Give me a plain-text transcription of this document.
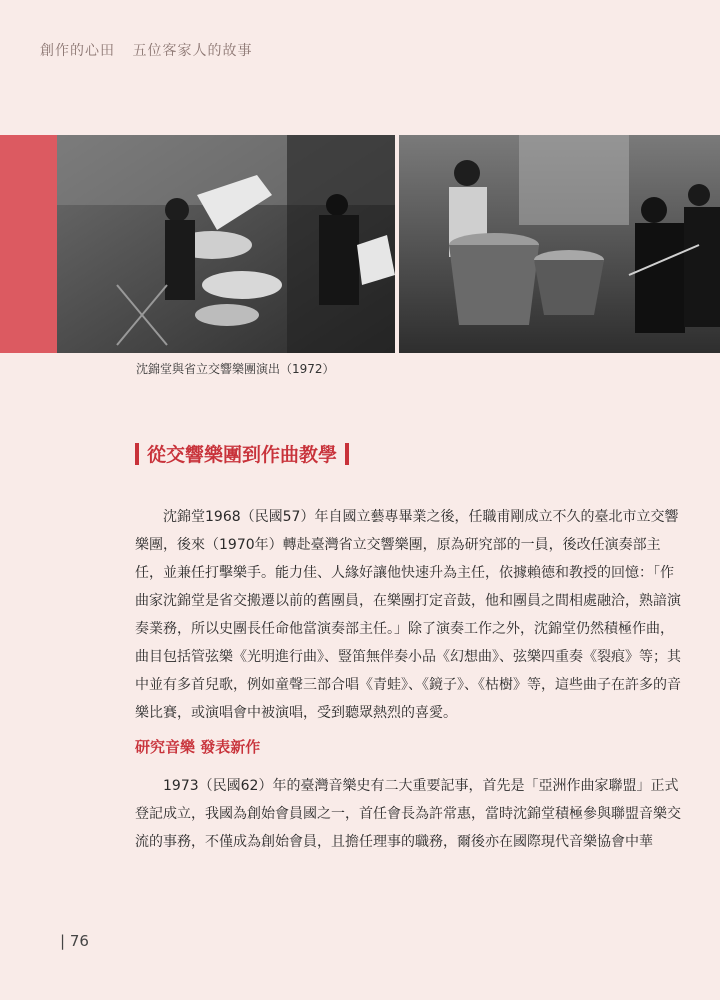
創作的心田 五位客家人的故事
沈錦堂與省立交響樂團演出（1972）
從交響樂團到作曲教學

沈錦堂1968（民國57）年自國立藝專畢業之後，任職甫剛成立不久的臺北市立交響樂團，後來（1970年）轉赴臺灣省立交響樂團，原為研究部的一員，後改任演奏部主任，並兼任打擊樂手。能力佳、人緣好讓他快速升為主任，依據賴德和教授的回憶：「作曲家沈錦堂是省交搬遷以前的舊團員，在樂團打定音鼓，他和團員之間相處融洽，熟諳演奏業務，所以史團長任命他當演奏部主任。」除了演奏工作之外，沈錦堂仍然積極作曲，曲目包括管弦樂《光明進行曲》、豎笛無伴奏小品《幻想曲》、弦樂四重奏《裂痕》等；其中並有多首兒歌，例如童聲三部合唱《青蛙》、《鏡子》、《枯樹》等，這些曲子在許多的音樂比賽，或演唱會中被演唱，受到聽眾熱烈的喜愛。

研究音樂 發表新作

1973（民國62）年的臺灣音樂史有二大重要記事，首先是「亞洲作曲家聯盟」正式登記成立，我國為創始會員國之一，首任會長為許常惠，當時沈錦堂積極參與聯盟音樂交流的事務，不僅成為創始會員，且擔任理事的職務，爾後亦在國際現代音樂協會中華

| 76
